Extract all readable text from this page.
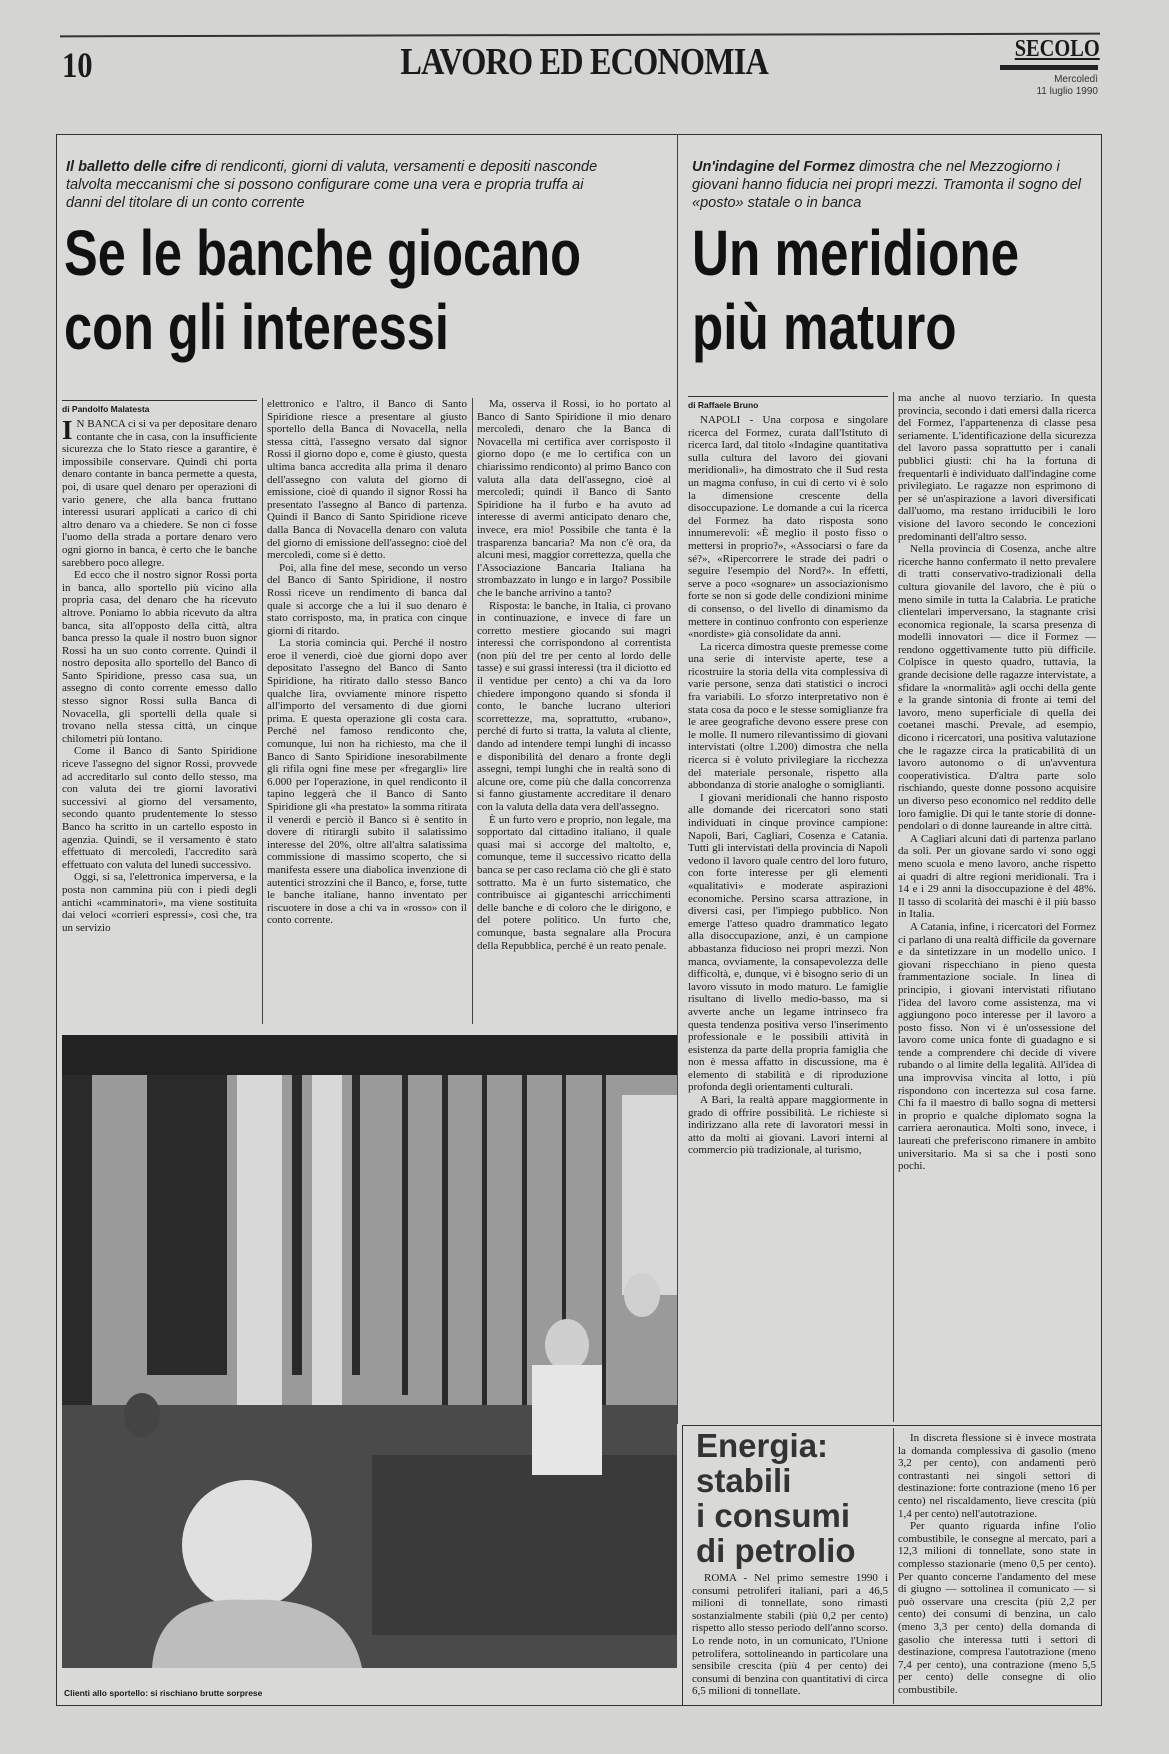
10	LAVORO ED ECONOMIA	SECOLO
Mercoledì
11 luglio 1990
Il balletto delle cifre di rendiconti, giorni di valuta, versamenti e depositi nasconde talvolta meccanismi che si possono configurare come una vera e propria truffa ai danni del titolare di un conto corrente
Se le banche giocano
con gli interessi
di Pandolfo Malatesta
I N BANCA ci si va per depositare denaro contante che in casa, con la insufficiente sicurezza che lo Stato riesce a garantire, è impossibile conservare. Quindi chi porta denaro contante in banca permette a questa, poi, di usare quel denaro per operazioni di vario genere, che alla banca fruttano interessi usurari applicati a carico di chi altro denaro va a chiedere. Se non ci fosse l'uomo della strada a portare denaro vero ogni giorno in banca, è certo che le banche sarebbero poco allegre.

Ed ecco che il nostro signor Rossi porta in banca, allo sportello più vicino alla propria casa, del denaro che ha ricevuto altrove. Poniamo lo abbia ricevuto da altra banca, sita all'opposto della città, altra banca presso la quale il nostro buon signor Rossi ha un suo conto corrente. Quindi il nostro deposita allo sportello del Banco di Santo Spiridione, presso casa sua, un assegno di conto corrente emesso dallo stesso signor Rossi sulla Banca di Novacella, gli sportelli della quale si trovano nella stessa città, un cinque chilometri più lontano.

Come il Banco di Santo Spiridione riceve l'assegno del signor Rossi, provvede ad accreditarlo sul conto dello stesso, ma con valuta dei tre giorni lavorativi successivi al giorno del versamento, secondo quanto prudentemente lo stesso Banco ha scritto in un cartello esposto in agenzia. Quindi, se il versamento è stato effettuato di mercoledì, l'accredito sarà effettuato con valuta del lunedì successivo.

Oggi, si sa, l'elettronica imperversa, e la posta non cammina più con i piedi degli antichi «camminatori», ma viene sostituita dai veloci «corrieri espressi», così che, tra un servizio

elettronico e l'altro, il Banco di Santo Spiridione riesce a presentare al giusto sportello della Banca di Novacella, nella stessa città, l'assegno versato dal signor Rossi il giorno dopo e, come è giusto, questa ultima banca accredita alla prima il denaro dell'assegno con valuta del giorno di emissione, cioè di quando il signor Rossi ha presentato l'assegno al Banco di partenza. Quindi il Banco di Santo Spiridione riceve dalla Banca di Novacella denaro con valuta del giorno di emissione dell'assegno: cioè del mercoledì, come si è detto.

Poi, alla fine del mese, secondo un verso del Banco di Santo Spiridione, il nostro Rossi riceve un rendimento di banca dal quale si accorge che a lui il suo denaro è stato corrisposto, ma, in pratica con cinque giorni di ritardo.

La storia comincia qui. Perché il nostro eroe il venerdì, cioè due giorni dopo aver depositato l'assegno del Banco di Santo Spiridione, ha ritirato dallo stesso Banco qualche lira, ovviamente minore rispetto all'importo del versamento di due giorni prima. E questa operazione gli costa cara. Perché nel famoso rendiconto che, comunque, lui non ha richiesto, ma che il Banco di Santo Spiridione inesorabilmente gli rifila ogni fine mese per «fregargli» lire 6.000 per l'operazione, in quel rendiconto il tapino leggerà che il Banco di Santo Spiridione gli «ha prestato» la somma ritirata il venerdì e perciò il Banco si è sentito in dovere di ritirargli subito il salatissimo interesse del 20%, oltre all'altra salatissima commissione di massimo scoperto, che si manifesta essere una diabolica invenzione di autentici strozzini che il Banco, e, forse, tutte le banche italiane, hanno inventato per riscuotere in dose a chi va in «rosso» con il conto corrente.

Ma, osserva il Rossi, io ho portato al Banco di Santo Spiridione il mio denaro mercoledì, denaro che la Banca di Novacella mi certifica aver corrisposto il giorno dopo (e me lo certifica con un chiarissimo rendiconto) al primo Banco con valuta alla data dell'assegno, cioè al mercoledì; quindi il Banco di Santo Spiridione ha il furbo e ha avuto ad interesse di avermi anticipato denaro che, invece, era mio! Possibile che tanta è la trasparenza bancaria? Ma non c'è ora, da alcuni mesi, maggior correttezza, quella che l'Associazione Bancaria Italiana ha strombazzato in lungo e in largo? Possibile che le banche arrivino a tanto?

Risposta: le banche, in Italia, ci provano in continuazione, e invece di fare un corretto mestiere giocando sui magri interessi che corrispondono al correntista (non più del tre per cento al lordo delle tasse) e sui grassi interessi (tra il diciotto ed il ventidue per cento) a chi va da loro chiedere impongono quando si sfonda il conto, le banche lucrano ulteriori scorrettezze, ma, soprattutto, «rubano», perché di furto si tratta, la valuta al cliente, dando ad intendere tempi lunghi di incasso e disponibilità del denaro a fronte degli assegni, tempi lunghi che in realtà sono di alcune ore, come più che dalla concorrenza si fanno giustamente accreditare il denaro con la valuta della data vera dell'assegno.

È un furto vero e proprio, non legale, ma sopportato dal cittadino italiano, il quale quasi mai si accorge del maltolto, e, comunque, teme il successivo ricatto della banca se per caso reclama ciò che gli è stato sottratto. Ma è un furto sistematico, che contribuisce ai giganteschi arricchimenti delle banche e di coloro che le dirigono, e del potere politico. Un furto che, comunque, basta segnalare alla Procura della Repubblica, perché è un reato penale.

Clienti allo sportello: si rischiano brutte sorprese
Un'indagine del Formez dimostra che nel Mezzogiorno i giovani hanno fiducia nei propri mezzi. Tramonta il sogno del «posto» statale o in banca
Un meridione
più maturo
di Raffaele Bruno

NAPOLI - Una corposa e singolare ricerca del Formez, curata dall'Istituto di ricerca Iard, dal titolo «Indagine quantitativa sulla cultura del lavoro dei giovani meridionali», ha dimostrato che il Sud resta un magma confuso, in cui di certo vi è solo la dimensione crescente della disoccupazione. Le domande a cui la ricerca del Formez ha dato risposta sono innumerevoli: «È meglio il posto fisso o mettersi in proprio?», «Associarsi o fare da sé?», «Ripercorrere le strade dei padri o seguire l'esempio del Nord?». In effetti, serve a poco «sognare» un associazionismo forte se non si gode delle condizioni minime di consenso, o del livello di dinamismo da mettere in continuo confronto con esperienze «nordiste» già consolidate da anni.

La ricerca dimostra queste premesse come una serie di interviste aperte, tese a ricostruire la storia della vita complessiva di varie persone, senza dati statistici o incroci fra variabili. Lo sforzo interpretativo non è stata cosa da poco e le stesse somiglianze fra le aree geografiche devono essere prese con le molle. Il numero rilevantissimo di giovani intervistati (oltre 1.200) dimostra che nella ricerca si è voluto privilegiare la ricchezza del materiale personale, rispetto alla abbondanza di storie analoghe o somiglianti.

I giovani meridionali che hanno risposto alle domande dei ricercatori sono stati individuati in cinque province campione: Napoli, Bari, Cagliari, Cosenza e Catania. Tutti gli intervistati della provincia di Napoli vedono il lavoro quale centro del loro futuro, con forte interesse per gli elementi «qualitativi» e moderate aspirazioni economiche. Persino scarsa attrazione, in diversi casi, per l'impiego pubblico. Non emerge l'atteso quadro drammatico legato alla disoccupazione, anzi, è un campione abbastanza fiducioso nei propri mezzi. Non manca, ovviamente, la consapevolezza delle difficoltà, e, dunque, vi è bisogno serio di un lavoro vissuto in modo maturo. Le famiglie risultano di livello medio-basso, ma si avverte anche un legame intrinseco fra questa tendenza positiva verso l'inserimento professionale e le possibili attività in esistenza da parte della propria famiglia che non è messa affatto in discussione, ma è elemento di stabilità e di riproduzione profonda degli orientamenti culturali.

A Bari, la realtà appare maggiormente in grado di offrire possibilità. Le richieste si indirizzano alla rete di lavoratori messi in atto da molti ai giovani. Lavori interni al commercio più tradizionale, al turismo,

ma anche al nuovo terziario. In questa provincia, secondo i dati emersi dalla ricerca del Formez, l'appartenenza di classe pesa seriamente. L'identificazione della sicurezza del lavoro passa soprattutto per i canali pubblici giusti: chi ha la fortuna di frequentarli è individuato dall'indagine come privilegiato. Le ragazze non esprimono di per sé un'aspirazione a lavori diversificati dall'uomo, ma restano irriducibili le loro visione del lavoro secondo le concezioni predominanti dell'altro sesso.

Nella provincia di Cosenza, anche altre ricerche hanno confermato il netto prevalere di tratti conservativo-tradizionali della cultura giovanile del lavoro, che è più o meno simile in tutta la Calabria. Le pratiche clientelari imperversano, la stagnante crisi economica regionale, la scarsa presenza di modelli innovatori — dice il Formez — rendono oggettivamente tutto più difficile. Colpisce in questo quadro, tuttavia, la grande decisione delle ragazze intervistate, a sfidare la «normalità» agli occhi della gente e la grande sintonia di fronte ai temi del lavoro, meno superficiale di quella dei coetanei maschi. Prevale, ad esempio, dicono i ricercatori, una positiva valutazione che le ragazze circa la praticabilità di un lavoro autonomo o di un'avventura cooperativistica. D'altra parte solo rischiando, queste donne possono acquisire un diverso peso economico nel reddito delle loro famiglie. Di qui le tante storie di donne-pendolari o di donne laureande in altre città.

A Cagliari alcuni dati di partenza parlano da soli. Per un giovane sardo vi sono oggi meno scuola e meno lavoro, anche rispetto ai quadri di altre regioni meridionali. Tra i 14 e i 29 anni la disoccupazione è del 48%. Il tasso di scolarità dei maschi è il più basso in Italia.

A Catania, infine, i ricercatori del Formez ci parlano di una realtà difficile da governare e da sintetizzare in un modello unico. I giovani rispecchiano in pieno questa frammentazione sociale. In linea di principio, i giovani intervistati rifiutano l'idea del lavoro come assistenza, ma vi aggiungono poco interesse per il lavoro a posto fisso. Non vi è un'ossessione del lavoro come unica fonte di guadagno e si tende a comprendere chi decide di vivere rubando o al limite della legalità. All'idea di una improvvisa vincita al lotto, i più rispondono con incertezza sul cosa farne. Chi fa il maestro di ballo sogna di mettersi in proprio e qualche diplomato sogna la carriera aeronautica. Molti sono, invece, i laureati che preferiscono rimanere in ambito universitario. Ma si sa che i posti sono pochi.

Energia:
stabili
i consumi
di petrolio

ROMA - Nel primo semestre 1990 i consumi petroliferi italiani, pari a 46,5 milioni di tonnellate, sono rimasti sostanzialmente stabili (più 0,2 per cento) rispetto allo stesso periodo dell'anno scorso. Lo rende noto, in un comunicato, l'Unione petrolifera, sottolineando in particolare una sensibile crescita (più 4 per cento) dei consumi di benzina con quantitativi di circa 6,5 milioni di tonnellate.

In discreta flessione si è invece mostrata la domanda complessiva di gasolio (meno 3,2 per cento), con andamenti però contrastanti nei singoli settori di destinazione: forte contrazione (meno 16 per cento) nel riscaldamento, lieve crescita (più 1,4 per cento) nell'autotrazione.

Per quanto riguarda infine l'olio combustibile, le consegne al mercato, pari a 12,3 milioni di tonnellate, sono state in complesso stazionarie (meno 0,5 per cento). Per quanto concerne l'andamento del mese di giugno — sottolinea il comunicato — si può osservare una crescita (più 2,2 per cento) dei consumi di benzina, un calo (meno 3,3 per cento) della domanda di gasolio che interessa tutti i settori di destinazione, compresa l'autotrazione (meno 7,4 per cento), una contrazione (meno 5,5 per cento) delle consegne di olio combustibile.
